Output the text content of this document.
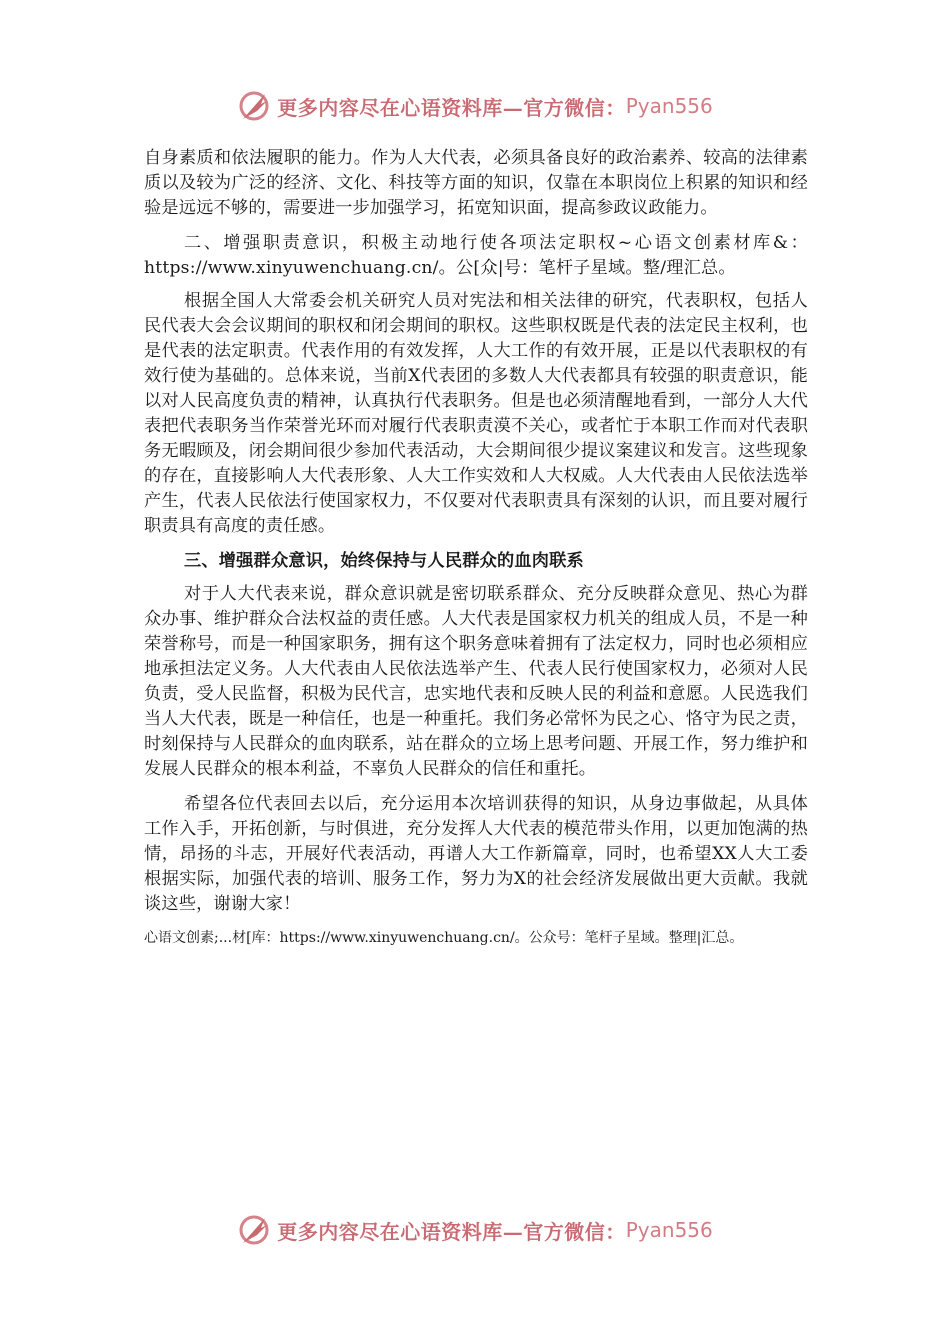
更多内容尽在心语资料库—官方微信： Pyan556

自身素质和依法履职的能力。作为人大代表，必须具备良好的政治素养、较高的法律素质以及较为广泛的经济、文化、科技等方面的知识，仅靠在本职岗位上积累的知识和经验是远远不够的，需要进一步加强学习，拓宽知识面，提高参政议政能力。

二、增强职责意识，积极主动地行使各项法定职权~心语文创素材库&：https://www.xinyuwenchuang.cn/。公[众|号：笔杆子星域。整/理汇总。

根据全国人大常委会机关研究人员对宪法和相关法律的研究，代表职权，包括人民代表大会会议期间的职权和闭会期间的职权。这些职权既是代表的法定民主权利，也是代表的法定职责。代表作用的有效发挥，人大工作的有效开展，正是以代表职权的有效行使为基础的。总体来说，当前X代表团的多数人大代表都具有较强的职责意识，能以对人民高度负责的精神，认真执行代表职务。但是也必须清醒地看到，一部分人大代表把代表职务当作荣誉光环而对履行代表职责漠不关心，或者忙于本职工作而对代表职务无暇顾及，闭会期间很少参加代表活动，大会期间很少提议案建议和发言。这些现象的存在，直接影响人大代表形象、人大工作实效和人大权威。人大代表由人民依法选举产生，代表人民依法行使国家权力，不仅要对代表职责具有深刻的认识，而且要对履行职责具有高度的责任感。

三、增强群众意识，始终保持与人民群众的血肉联系

对于人大代表来说，群众意识就是密切联系群众、充分反映群众意见、热心为群众办事、维护群众合法权益的责任感。人大代表是国家权力机关的组成人员，不是一种荣誉称号，而是一种国家职务，拥有这个职务意味着拥有了法定权力，同时也必须相应地承担法定义务。人大代表由人民依法选举产生、代表人民行使国家权力，必须对人民负责，受人民监督，积极为民代言，忠实地代表和反映人民的利益和意愿。人民选我们当人大代表，既是一种信任，也是一种重托。我们务必常怀为民之心、恪守为民之责，时刻保持与人民群众的血肉联系，站在群众的立场上思考问题、开展工作，努力维护和发展人民群众的根本利益，不辜负人民群众的信任和重托。

希望各位代表回去以后，充分运用本次培训获得的知识，从身边事做起，从具体工作入手，开拓创新，与时俱进，充分发挥人大代表的模范带头作用，以更加饱满的热情，昂扬的斗志，开展好代表活动，再谱人大工作新篇章，同时，也希望XX人大工委根据实际，加强代表的培训、服务工作，努力为X的社会经济发展做出更大贡献。我就谈这些，谢谢大家！

心语文创素;...材[库：https://www.xinyuwenchuang.cn/。公众号：笔杆子星域。整理|汇总。
更多内容尽在心语资料库—官方微信： Pyan556
